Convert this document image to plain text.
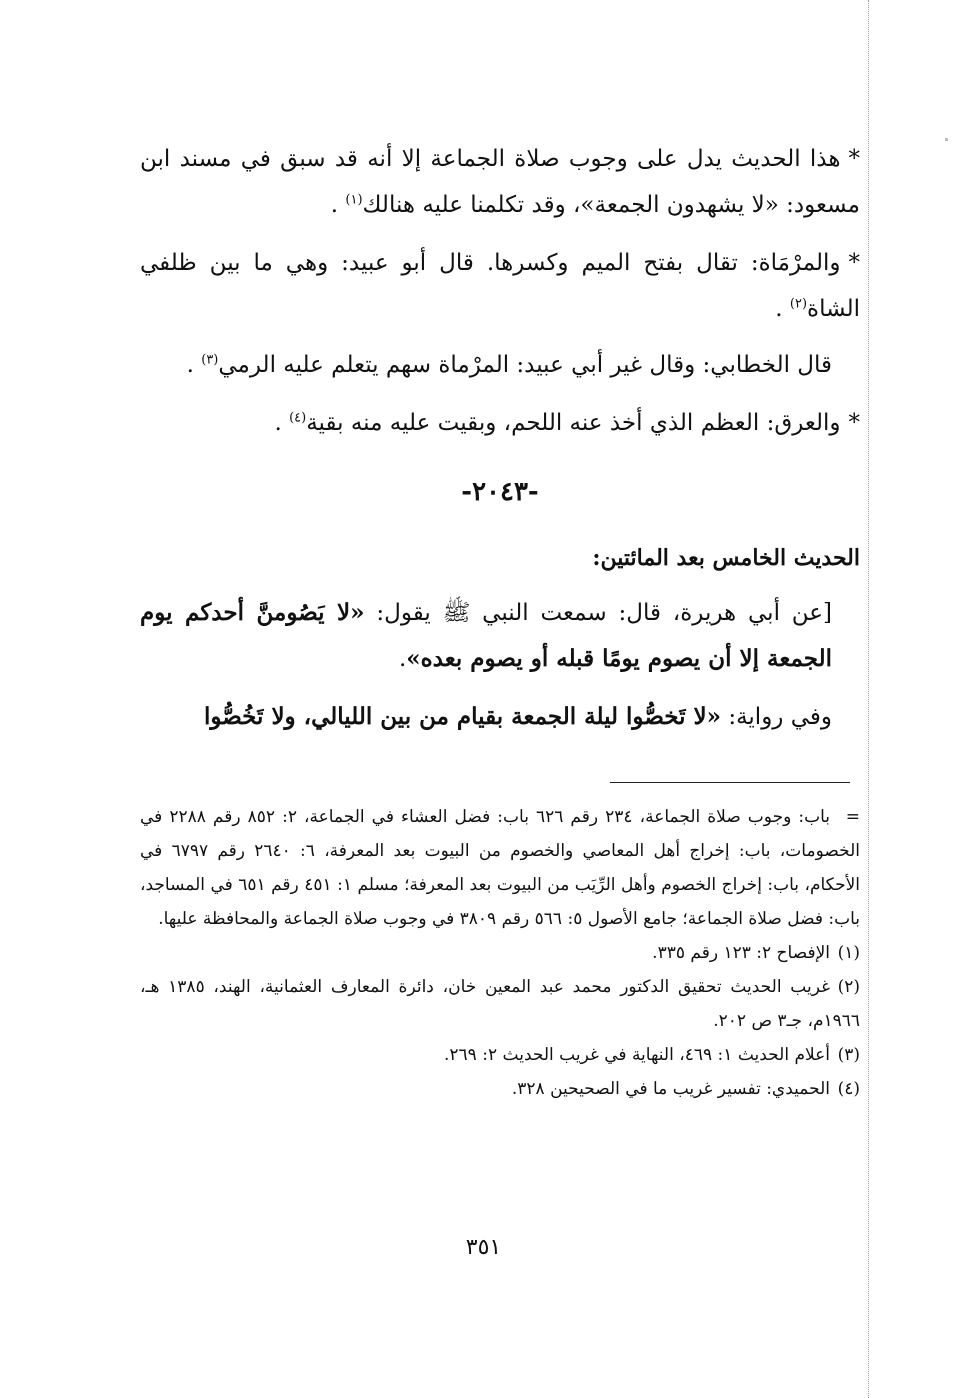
*هذا الحديث يدل على وجوب صلاة الجماعة إلا أنه قد سبق في مسند ابن مسعود: «لا يشهدون الجمعة»، وقد تكلمنا عليه هنالك$^{(١)}$ .

*والمرْمَاة: تقال بفتح الميم وكسرها. قال أبو عبيد: وهي ما بين ظلفي الشاة$^{(٢)}$ .

قال الخطابي: وقال غير أبي عبيد: المرْماة سهم يتعلم عليه الرمي$^{(٣)}$ .

*والعرق: العظم الذي أخذ عنه اللحم، وبقيت عليه منه بقية$^{(٤)}$ .

-٢٠٤٣-

الحديث الخامس بعد المائتين:

[عن أبي هريرة، قال: سمعت النبي ﷺ يقول: «لا يَصُومنَّ أحدكم يوم الجمعة إلا أن يصوم يومًا قبله أو يصوم بعده».

وفي رواية: «لا تَخصُّوا ليلة الجمعة بقيام من بين الليالي، ولا تَخُصُّوا

=باب: وجوب صلاة الجماعة، ٢٣٤ رقم ٦٢٦ باب: فضل العشاء في الجماعة، ٢: ٨٥٢ رقم ٢٢٨٨ في الخصومات، باب: إخراج أهل المعاصي والخصوم من البيوت بعد المعرفة، ٦: ٢٦٤٠ رقم ٦٧٩٧ في الأحكام، باب: إخراج الخصوم وأهل الرِّيَب من البيوت بعد المعرفة؛ مسلم ١: ٤٥١ رقم ٦٥١ في المساجد، باب: فضل صلاة الجماعة؛ جامع الأصول ٥: ٥٦٦ رقم ٣٨٠٩ في وجوب صلاة الجماعة والمحافظة عليها.

(١)الإفصاح ٢: ١٢٣ رقم ٣٣٥.

(٢)غريب الحديث تحقيق الدكتور محمد عبد المعين خان، دائرة المعارف العثمانية، الهند، ١٣٨٥ هـ، ١٩٦٦م، جـ٣ ص ٢٠٢.

(٣)أعلام الحديث ١: ٤٦٩، النهاية في غريب الحديث ٢: ٢٦٩.

(٤)الحميدي: تفسير غريب ما في الصحيحين ٣٢٨.

٣٥١
